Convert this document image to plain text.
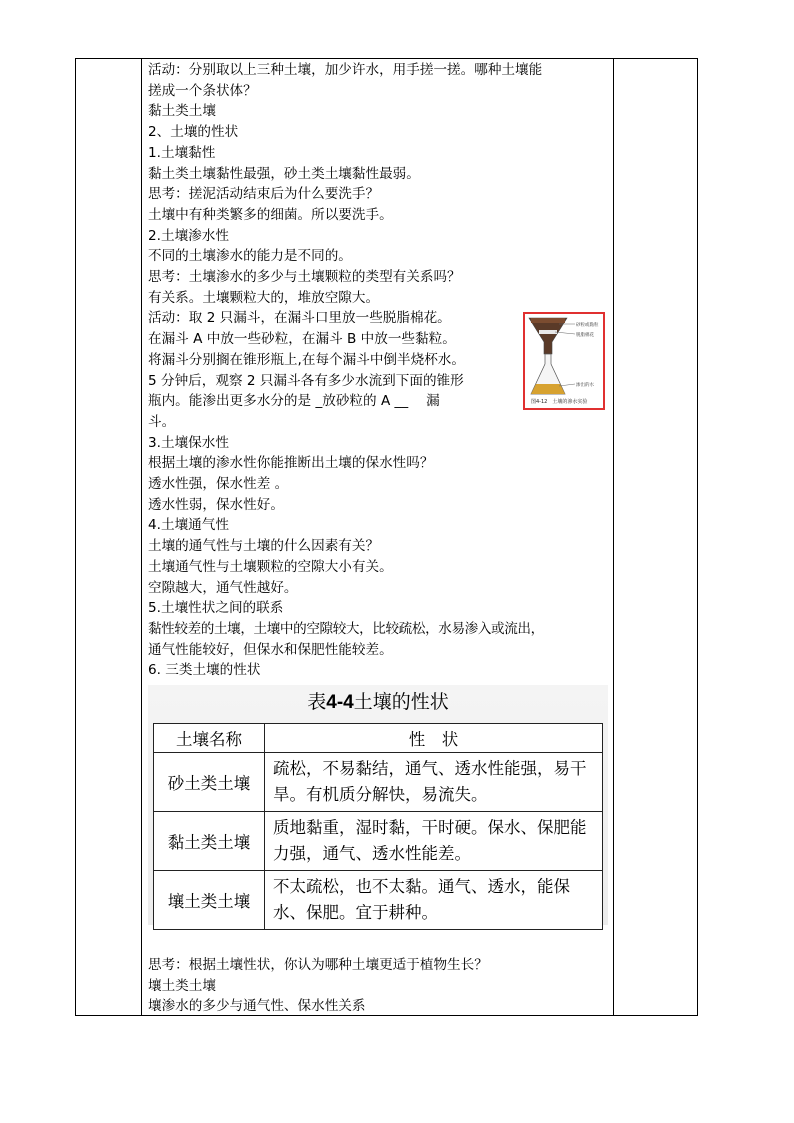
活动：分别取以上三种土壤，加少许水，用手搓一搓。哪种土壤能

搓成一个条状体？

黏土类土壤

2、土壤的性状

1.土壤黏性

黏土类土壤黏性最强，砂土类土壤黏性最弱。

思考：搓泥活动结束后为什么要洗手？

土壤中有种类繁多的细菌。所以要洗手。

2.土壤渗水性

不同的土壤渗水的能力是不同的。

思考：土壤渗水的多少与土壤颗粒的类型有关系吗？

有关系。土壤颗粒大的，堆放空隙大。

活动：取 2 只漏斗，在漏斗口里放一些脱脂棉花。

在漏斗 A 中放一些砂粒，在漏斗 B 中放一些黏粒。

将漏斗分别搁在锥形瓶上,在每个漏斗中倒半烧杯水。

5 分钟后，观察 2 只漏斗各有多少水流到下面的锥形

瓶内。能渗出更多水分的是 _放砂粒的 A __　 漏

斗。

3.土壤保水性

根据土壤的渗水性你能推断出土壤的保水性吗？

透水性强，保水性差 。

透水性弱，保水性好。

4.土壤通气性

土壤的通气性与土壤的什么因素有关？

土壤通气性与土壤颗粒的空隙大小有关。

空隙越大，通气性越好。

5.土壤性状之间的联系

黏性较差的土壤，土壤中的空隙较大，比较疏松，水易渗入或流出，

通气性能较好，但保水和保肥性能较差。

6. 三类土壤的性状

砂粒或黏粒
脱脂棉花
渗出的水
图4-12　土壤的渗水实验
表4-4土壤的性状
土壤名称	性　状
砂土类土壤	疏松，不易黏结，通气、透水性能强，易干旱。有机质分解快，易流失。
黏土类土壤	质地黏重，湿时黏，干时硬。保水、保肥能力强，通气、透水性能差。
壤土类土壤	不太疏松，也不太黏。通气、透水，能保水、保肥。宜于耕种。

思考：根据土壤性状，你认为哪种土壤更适于植物生长？

壤土类土壤

壤渗水的多少与通气性、保水性关系
